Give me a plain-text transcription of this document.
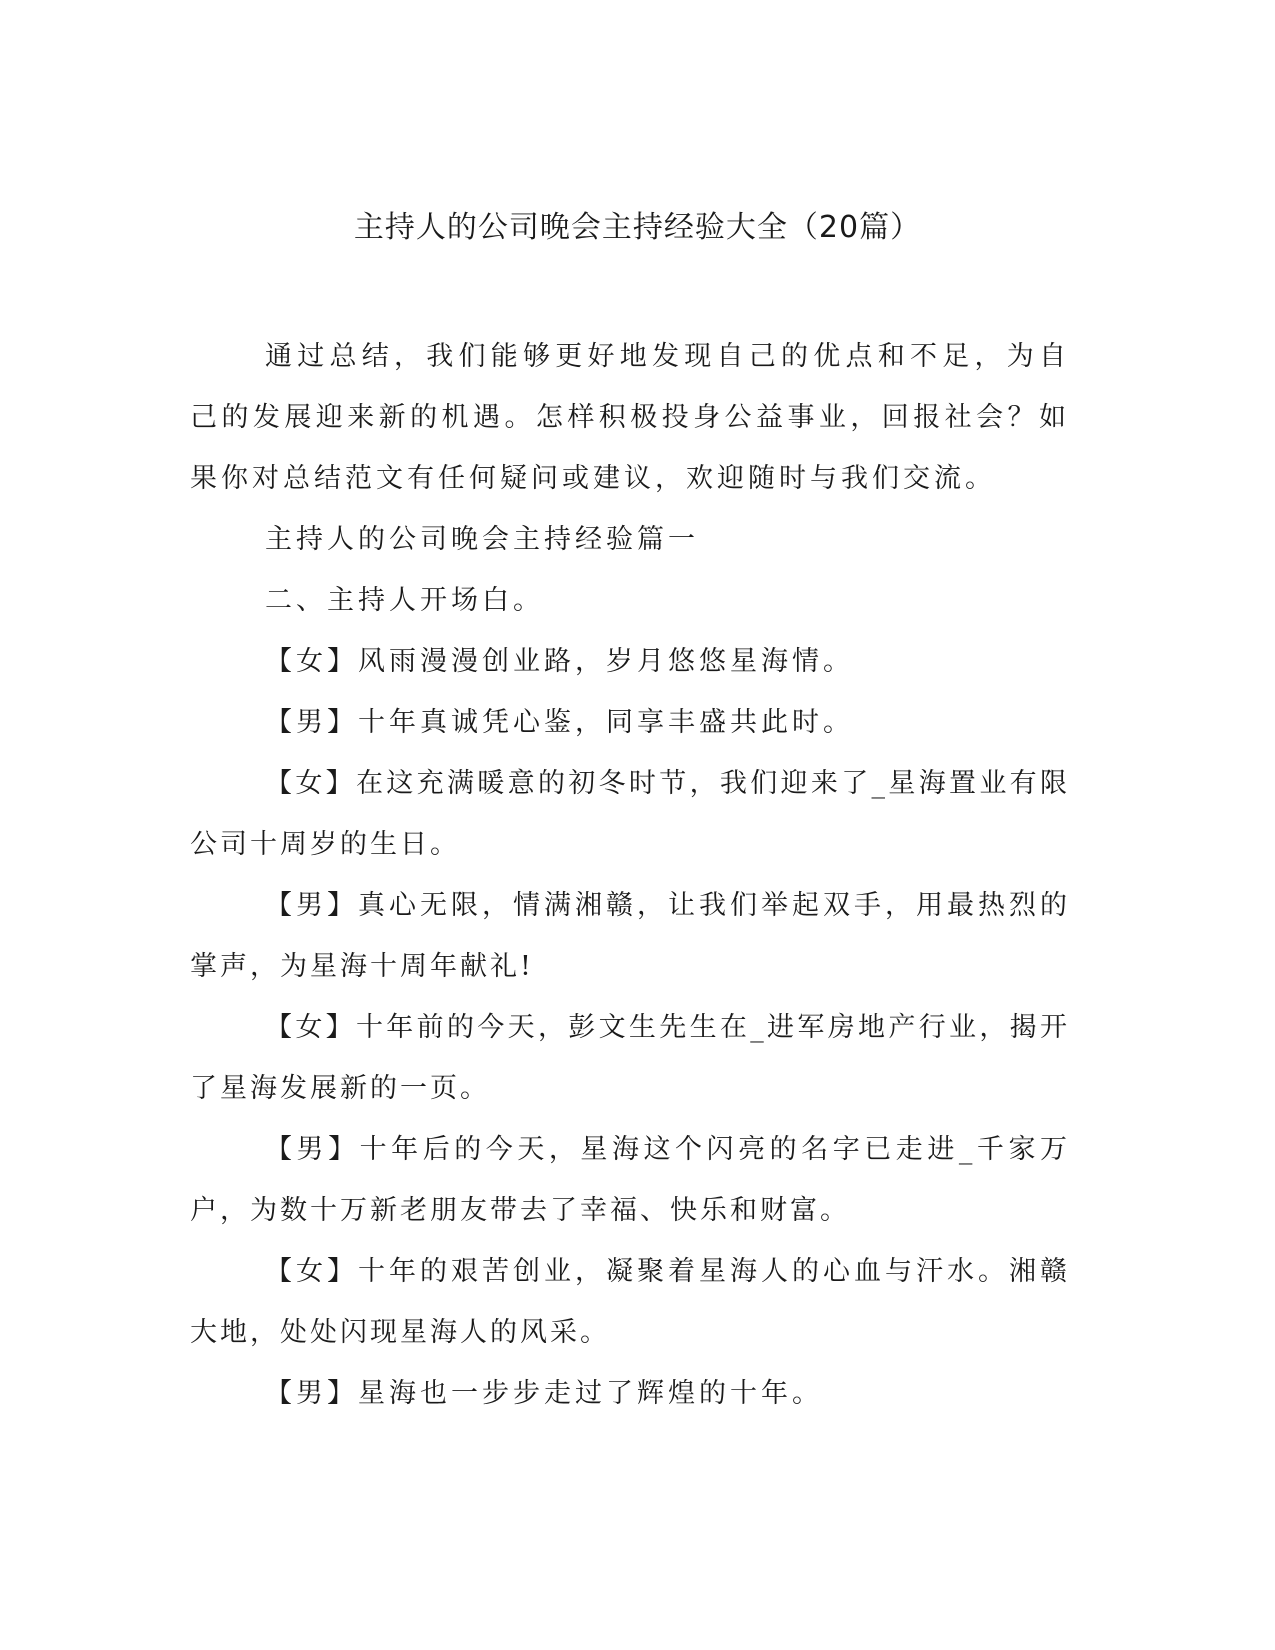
主持人的公司晚会主持经验大全（20篇）

通过总结，我们能够更好地发现自己的优点和不足，为自己的发展迎来新的机遇。怎样积极投身公益事业，回报社会？如果你对总结范文有任何疑问或建议，欢迎随时与我们交流。

主持人的公司晚会主持经验篇一

二、主持人开场白。

【女】风雨漫漫创业路，岁月悠悠星海情。

【男】十年真诚凭心鉴，同享丰盛共此时。

【女】在这充满暖意的初冬时节，我们迎来了_星海置业有限公司十周岁的生日。

【男】真心无限，情满湘赣，让我们举起双手，用最热烈的掌声，为星海十周年献礼!

【女】十年前的今天，彭文生先生在_进军房地产行业，揭开了星海发展新的一页。

【男】十年后的今天，星海这个闪亮的名字已走进_千家万户，为数十万新老朋友带去了幸福、快乐和财富。

【女】十年的艰苦创业，凝聚着星海人的心血与汗水。湘赣大地，处处闪现星海人的风采。

【男】星海也一步步走过了辉煌的十年。
